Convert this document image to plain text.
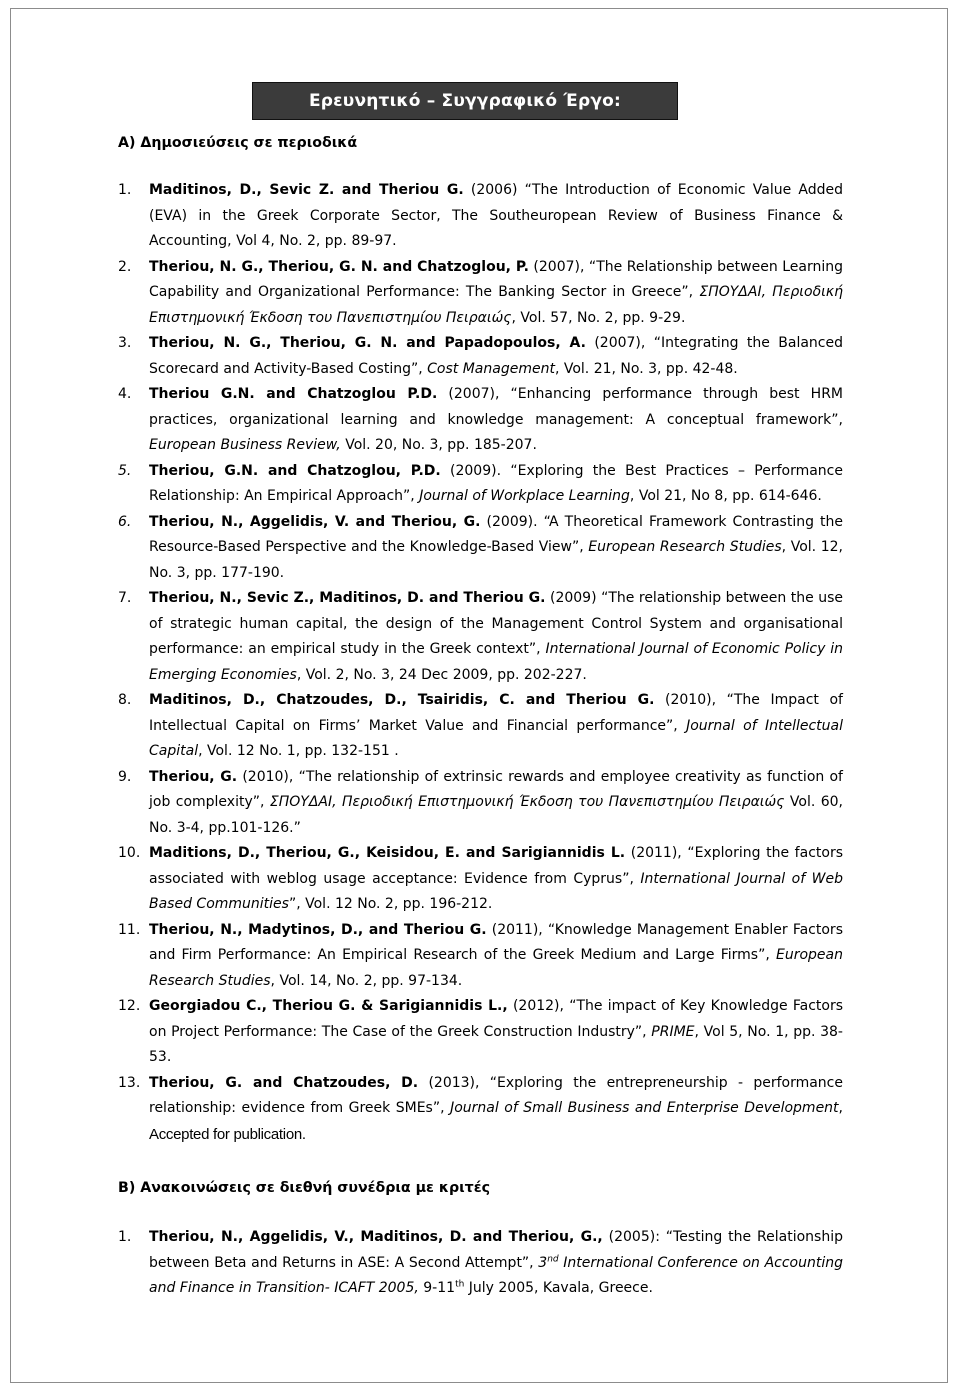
Ερευνητικό – Συγγραφικό Έργο:
Α) Δημοσιεύσεις σε περιοδικά
1. Maditinos, D., Sevic Z. and Theriou G. (2006) “The Introduction of Economic Value Added (EVA) in the Greek Corporate Sector, The Southeuropean Review of Business Finance & Accounting, Vol 4, No. 2, pp. 89-97.
2. Theriou, N. G., Theriou, G. N. and Chatzoglou, P. (2007), “The Relationship between Learning Capability and Organizational Performance: The Banking Sector in Greece”, ΣΠΟΥΔΑΙ, Περιοδική Επιστημονική Έκδοση του Πανεπιστημίου Πειραιώς, Vol. 57, No. 2, pp. 9-29.
3. Theriou, N. G., Theriou, G. N. and Papadopoulos, A. (2007), “Integrating the Balanced Scorecard and Activity-Based Costing”, Cost Management, Vol. 21, No. 3, pp. 42-48.
4. Theriou G.N. and Chatzoglou P.D. (2007), “Enhancing performance through best HRM practices, organizational learning and knowledge management: A conceptual framework”, European Business Review, Vol. 20, No. 3, pp. 185-207.
5. Theriou, G.N. and Chatzoglou, P.D. (2009). “Exploring the Best Practices – Performance Relationship: An Empirical Approach”, Journal of Workplace Learning, Vol 21, No 8, pp. 614-646.
6. Theriou, N., Aggelidis, V. and Theriou, G. (2009). “A Theoretical Framework Contrasting the Resource-Based Perspective and the Knowledge-Based View”, European Research Studies, Vol. 12, No. 3, pp. 177-190.
7. Theriou, N., Sevic Z., Maditinos, D. and Theriou G. (2009) “The relationship between the use of strategic human capital, the design of the Management Control System and organisational performance: an empirical study in the Greek context”, International Journal of Economic Policy in Emerging Economies, Vol. 2, No. 3, 24 Dec 2009, pp. 202-227.
8. Maditinos, D., Chatzoudes, D., Tsairidis, C. and Theriou G. (2010), “The Impact of Intellectual Capital on Firms’ Market Value and Financial performance”, Journal of Intellectual Capital, Vol. 12 No. 1, pp. 132-151 .
9. Theriou, G. (2010), “The relationship of extrinsic rewards and employee creativity as function of job complexity”, ΣΠΟΥΔΑΙ, Περιοδική Επιστημονική Έκδοση του Πανεπιστημίου Πειραιώς Vol. 60, No. 3-4, pp.101-126.”
10. Maditions, D., Theriou, G., Keisidou, E. and Sarigiannidis L. (2011), “Exploring the factors associated with weblog usage acceptance: Evidence from Cyprus”, International Journal of Web Based Communities”, Vol. 12 No. 2, pp. 196-212.
11. Theriou, N., Madytinos, D., and Theriou G. (2011), “Knowledge Management Enabler Factors and Firm Performance: An Empirical Research of the Greek Medium and Large Firms”, European Research Studies, Vol. 14, No. 2, pp. 97-134.
12. Georgiadou C., Theriou G. & Sarigiannidis L., (2012), “The impact of Key Knowledge Factors on Project Performance: The Case of the Greek Construction Industry”, PRIME, Vol 5, No. 1, pp. 38-53.
13. Theriou, G. and Chatzoudes, D. (2013), “Exploring the entrepreneurship - performance relationship: evidence from Greek SMEs”, Journal of Small Business and Enterprise Development, Accepted for publication.
Β) Ανακοινώσεις σε διεθνή συνέδρια με κριτές
1. Theriou, N., Aggelidis, V., Maditinos, D. and Theriou, G., (2005): “Testing the Relationship between Beta and Returns in ASE: A Second Attempt”, 3nd International Conference on Accounting and Finance in Transition- ICAFT 2005, 9-11th July 2005, Kavala, Greece.
